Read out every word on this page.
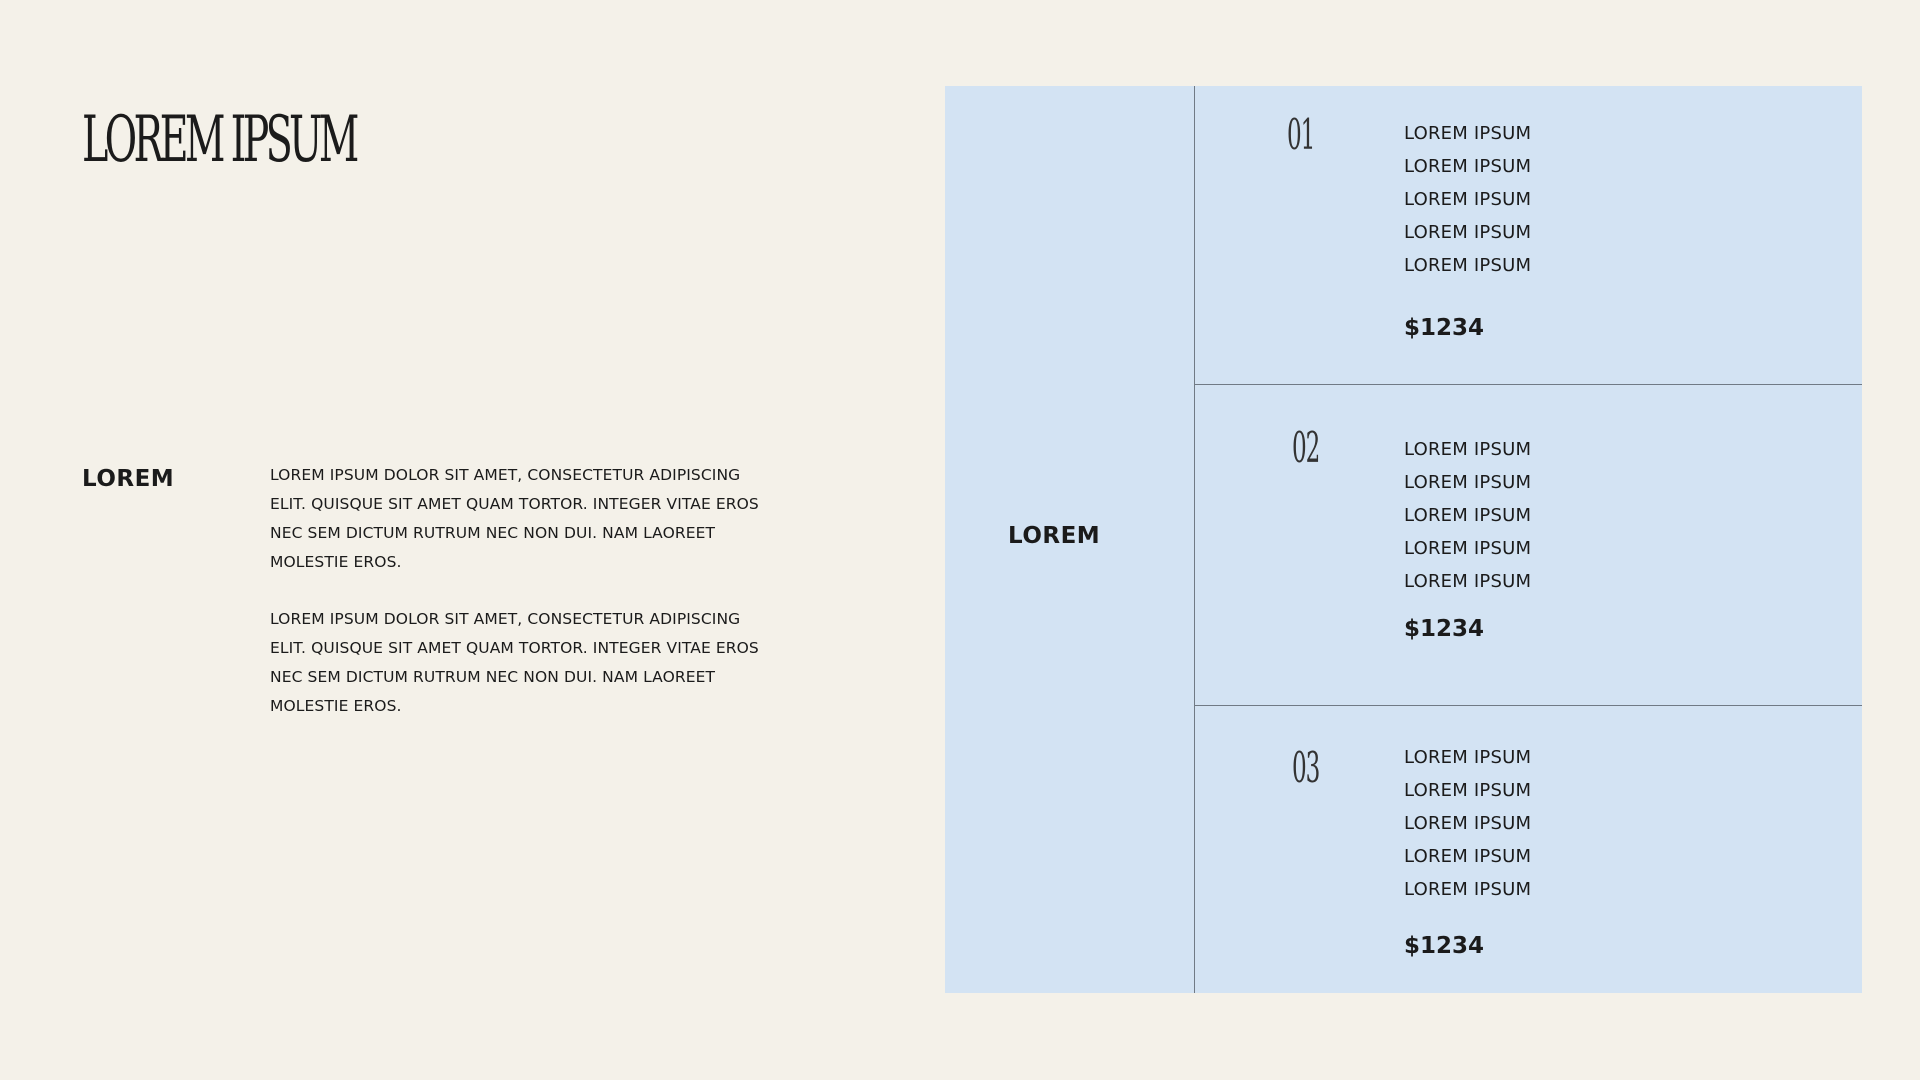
LOREM IPSUM
LOREM	LOREM IPSUM DOLOR SIT AMET, CONSECTETUR ADIPISCING ELIT. QUISQUE SIT AMET QUAM TORTOR. INTEGER VITAE EROS NEC SEM DICTUM RUTRUM NEC NON DUI. NAM LAOREET MOLESTIE EROS.

LOREM IPSUM DOLOR SIT AMET, CONSECTETUR ADIPISCING ELIT. QUISQUE SIT AMET QUAM TORTOR. INTEGER VITAE EROS NEC SEM DICTUM RUTRUM NEC NON DUI. NAM LAOREET MOLESTIE EROS.

LOREM
01	LOREM IPSUM
LOREM IPSUM
LOREM IPSUM
LOREM IPSUM
LOREM IPSUM
$1234
02	LOREM IPSUM
LOREM IPSUM
LOREM IPSUM
LOREM IPSUM
LOREM IPSUM
$1234
03	LOREM IPSUM
LOREM IPSUM
LOREM IPSUM
LOREM IPSUM
LOREM IPSUM
$1234
